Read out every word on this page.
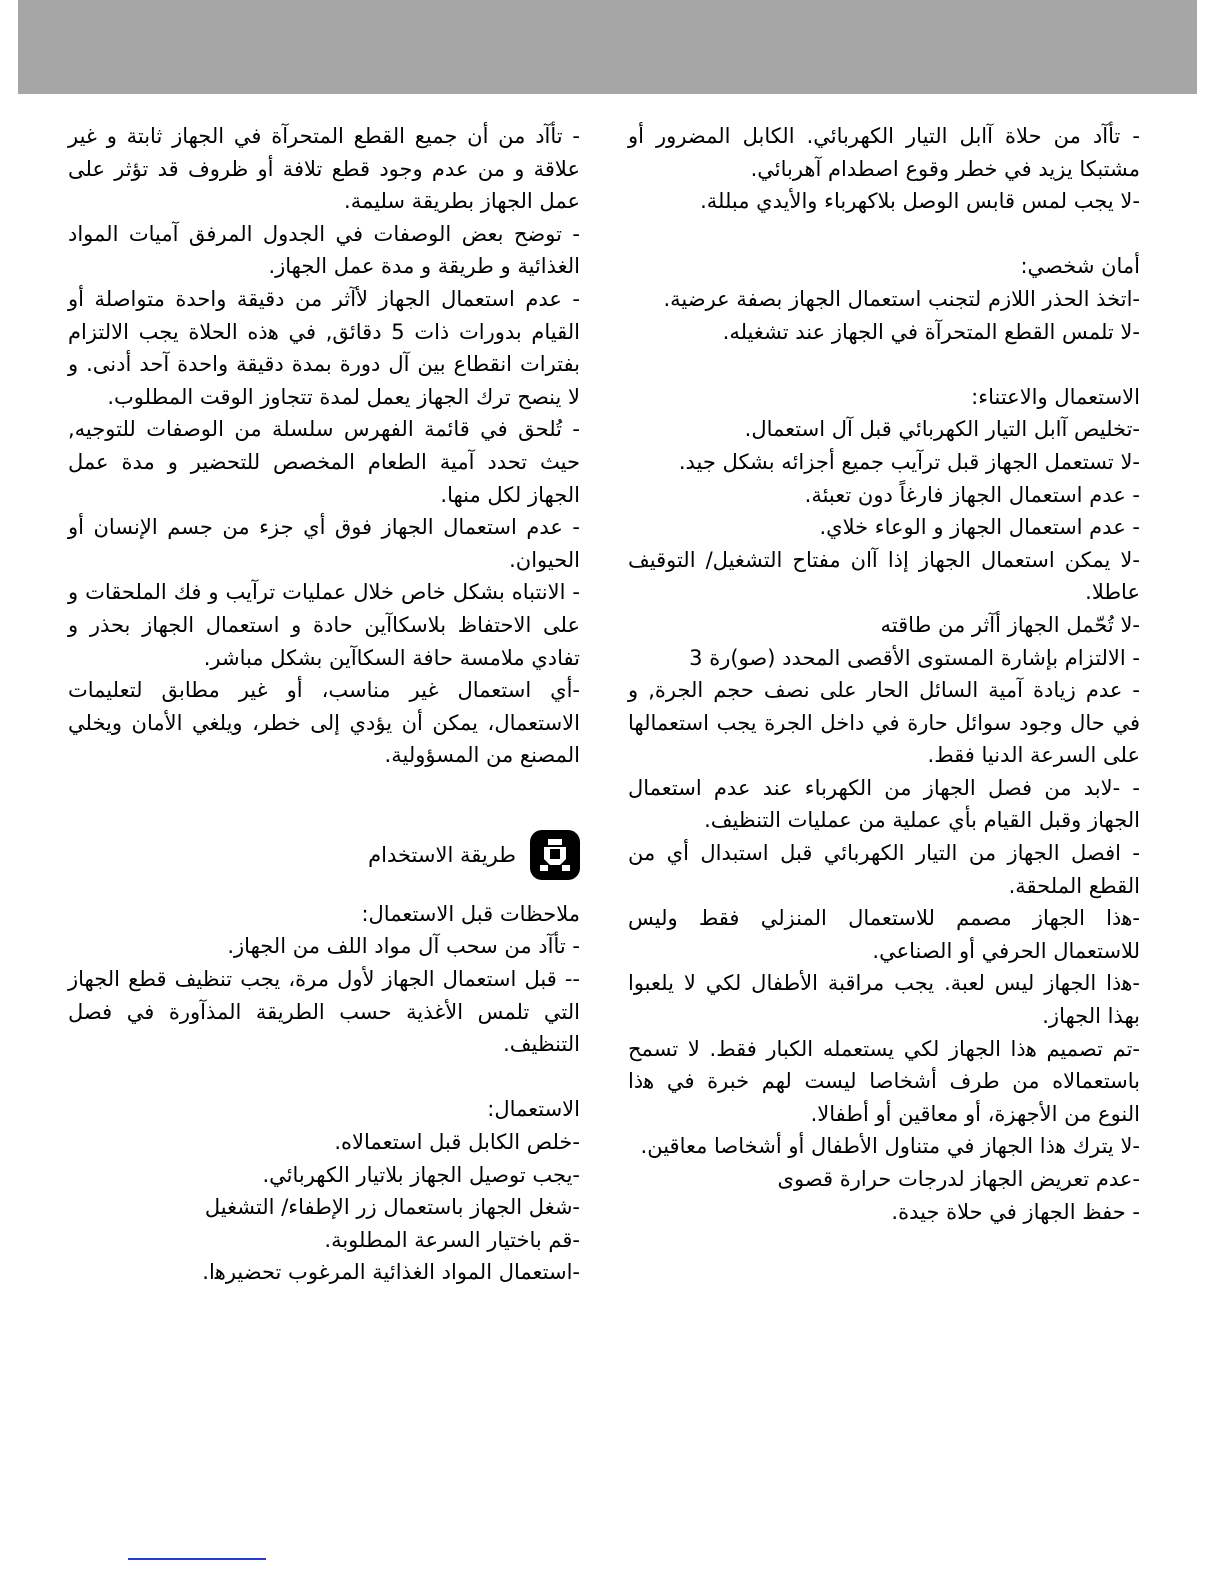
- تأآد من حلاة آابل التيار الكهربائي. الكابل المضرور أو مشتبكا يزيد في خطر وقوع اصطدام آهربائي.

-لا يجب لمس قابس الوصل بلاكهرباء والأيدي مبللة.

أمان شخصي:

-اتخذ الحذر اللازم لتجنب استعمال الجهاز بصفة عرضية.

-لا تلمس القطع المتحرآة في الجهاز عند تشغيله.

الاستعمال والاعتناء:

-تخليص آابل التيار الكهربائي قبل آل استعمال.

-لا تستعمل الجهاز قبل ترآيب جميع أجزائه بشكل جيد.

- عدم استعمال الجهاز فارغاً دون تعبئة.

- عدم استعمال الجهاز و الوعاء خلاي.

-لا يمكن استعمال الجهاز إذا آان مفتاح التشغيل/ التوقيف عاطلا.

-لا تُحّمل الجهاز أآثر من طاقته

- الالتزام بإشارة المستوى الأقصى المحدد (صو)رة 3

- عدم زيادة آمية السائل الحار على نصف حجم الجرة, و في حال وجود سوائل حارة في داخل الجرة يجب استعمالها على السرعة الدنيا فقط.

- -لابد من فصل الجهاز من الكهرباء عند عدم استعمال الجهاز وقبل القيام بأي عملية من عمليات التنظيف.

- افصل الجهاز من التيار الكهربائي قبل استبدال أي من القطع الملحقة.

-ﻫذا الجهاز مصمم للاستعمال المنزلي فقط وليس للاستعمال الحرفي أو الصناعي.

-ﻫذا الجهاز ليس لعبة. يجب مراقبة الأطفال لكي لا يلعبوا بهذا الجهاز.

-تم تصميم ﻫذا الجهاز لكي يستعمله الكبار فقط. لا تسمح باستعمالاه من طرف أشخاصا ليست لهم خبرة في ﻫذا النوع من الأجهزة، أو معاقين أو أطفالا.

-لا يترك ﻫذا الجهاز في متناول الأطفال أو أشخاصا معاقين.

-عدم تعريض الجهاز لدرجات حرارة قصوى

- حفظ الجهاز في حلاة جيدة.

- تأآد من أن جميع القطع المتحرآة في الجهاز ثابتة و غير علاقة و من عدم وجود قطع تلافة أو ظروف قد تؤثر على عمل الجهاز بطريقة سليمة.

- توضح بعض الوصفات في الجدول المرفق آميات المواد الغذائية و طريقة و مدة عمل الجهاز.

- عدم استعمال الجهاز لأآثر من دقيقة واحدة متواصلة أو القيام بدورات ذات 5 دقائق, في ﻫذه الحلاة يجب الالتزام بفترات انقطاع بين آل دورة بمدة دقيقة واحدة آحد أدنى. و لا ينصح ترك الجهاز يعمل لمدة تتجاوز الوقت المطلوب.

- تُلحق في قائمة الفهرس سلسلة من الوصفات للتوجيه, حيث تحدد آمية الطعام المخصص للتحضير و مدة عمل الجهاز لكل منها.

- عدم استعمال الجهاز فوق أي جزء من جسم الإنسان أو الحيوان.

- الانتباه بشكل خاص خلال عمليات ترآيب و فك الملحقات و على الاحتفاظ بلاسكاآين حادة و استعمال الجهاز بحذر و تفادي ملامسة حافة السكاآين بشكل مباشر.

-أي استعمال غير مناسب، أو غير مطابق لتعليمات الاستعمال، يمكن أن يؤدي إلى خطر، ويلغي الأمان ويخلي المصنع من المسؤولية.

طريقة الاستخدام

ملاحظات قبل الاستعمال:

- تأآد من سحب آل مواد اللف من الجهاز.

-- قبل استعمال الجهاز لأول مرة، يجب تنظيف قطع الجهاز التي تلمس الأغذية حسب الطريقة المذآورة في فصل التنظيف.

الاستعمال:

-خلص الكابل قبل استعمالاه.

-يجب توصيل الجهاز بلاتيار الكهربائي.

-شغل الجهاز باستعمال زر الإطفاء/ التشغيل

-قم باختيار السرعة المطلوبة.

-استعمال المواد الغذائية المرغوب تحضيرﻫا.
